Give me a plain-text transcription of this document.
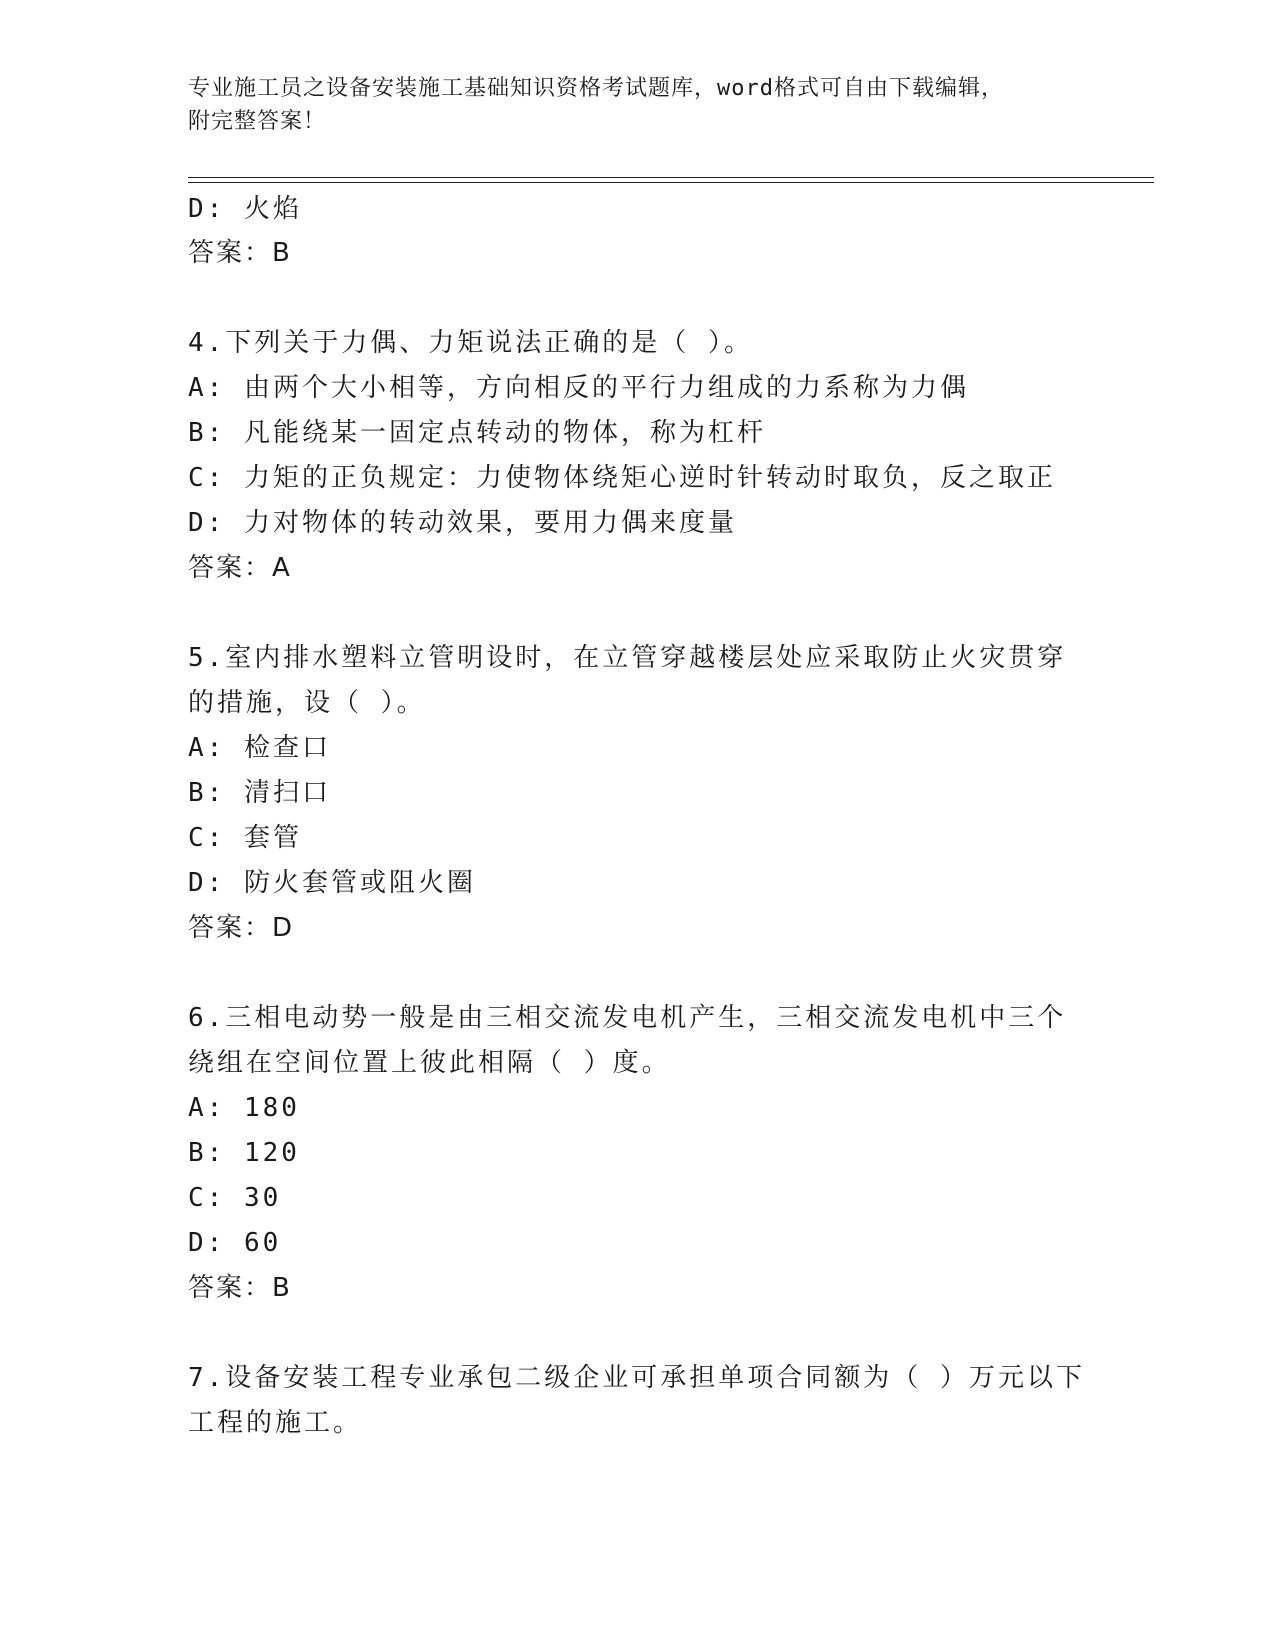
专业施工员之设备安装施工基础知识资格考试题库，word格式可自由下载编辑，
附完整答案！
D: 火焰
答案：B
4.下列关于力偶、力矩说法正确的是（ ）。
A: 由两个大小相等，方向相反的平行力组成的力系称为力偶
B: 凡能绕某一固定点转动的物体，称为杠杆
C: 力矩的正负规定：力使物体绕矩心逆时针转动时取负，反之取正
D: 力对物体的转动效果，要用力偶来度量
答案：A
5.室内排水塑料立管明设时，在立管穿越楼层处应采取防止火灾贯穿
的措施，设（ ）。
A: 检查口
B: 清扫口
C: 套管
D: 防火套管或阻火圈
答案：D
6.三相电动势一般是由三相交流发电机产生，三相交流发电机中三个
绕组在空间位置上彼此相隔（ ）度。
A: 180
B: 120
C: 30
D: 60
答案：B
7.设备安装工程专业承包二级企业可承担单项合同额为（ ）万元以下
工程的施工。
